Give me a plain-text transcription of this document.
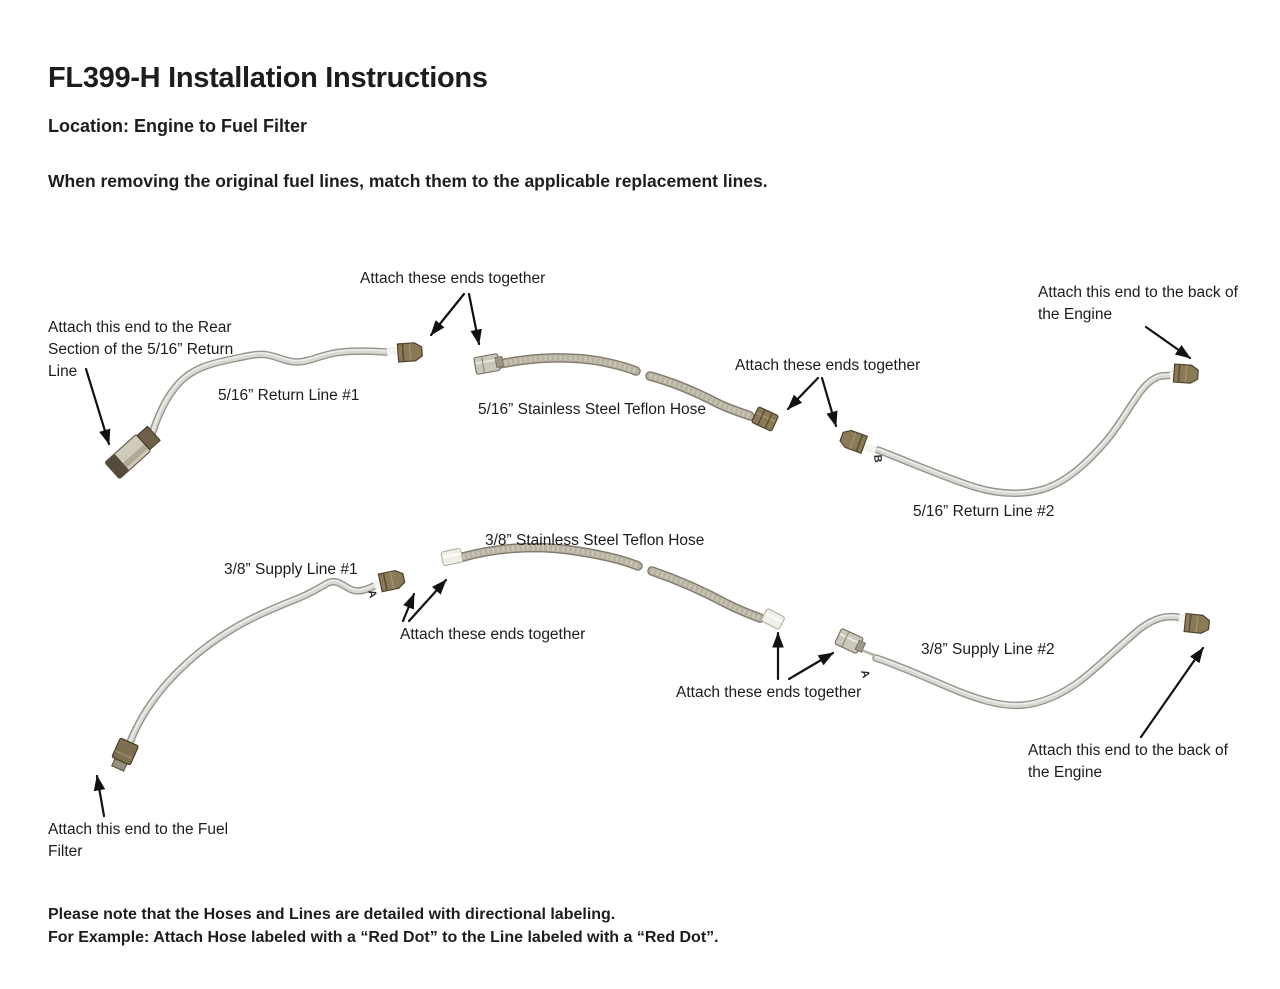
FL399-H Installation Instructions
Location: Engine to Fuel Filter
When removing the original fuel lines, match them to the applicable replacement lines.
B
A
A
Attach these ends together
Attach this end to the Rear
Section of the 5/16” Return
Line
Attach this end to the back of
the Engine
5/16” Return Line #1
5/16” Stainless Steel Teflon Hose
Attach these ends together
5/16” Return Line #2
3/8” Supply Line #1
3/8” Stainless Steel Teflon Hose
Attach these ends together
Attach these ends together
3/8” Supply Line #2
Attach this end to the back of
the Engine
Attach this end to the Fuel
Filter
Please note that the Hoses and Lines are detailed with directional labeling.
For Example: Attach Hose labeled with a “Red Dot” to the Line labeled with a “Red Dot”.
